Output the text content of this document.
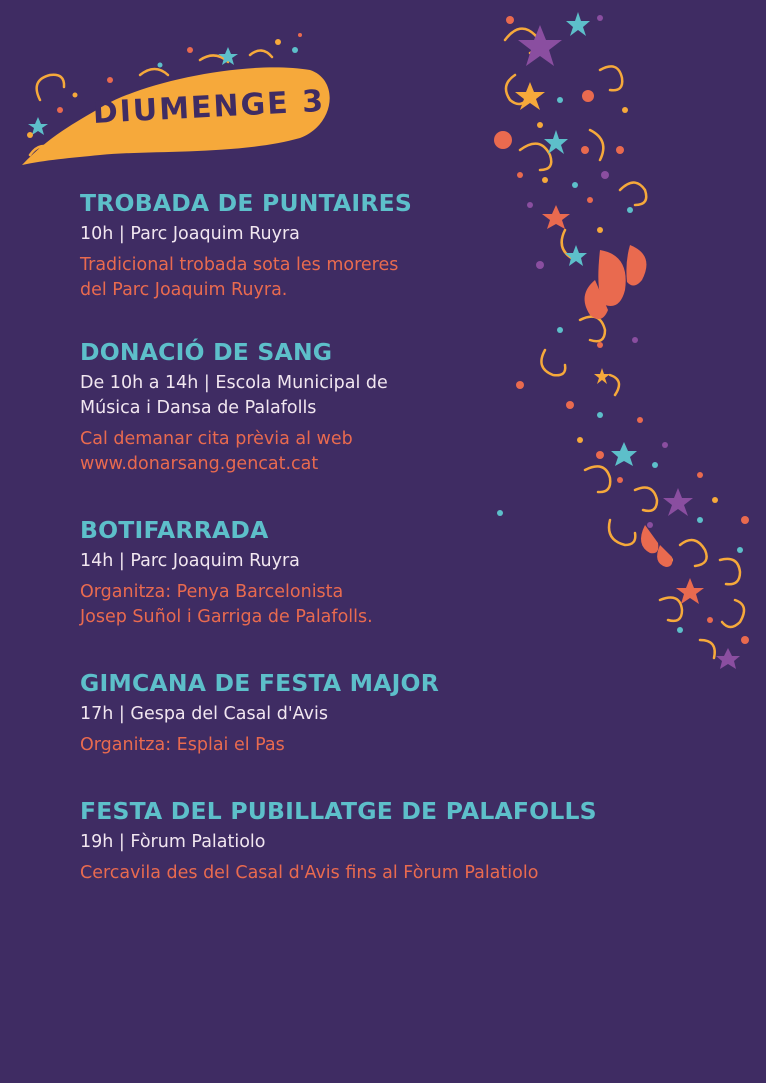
DIUMENGE 3
TROBADA DE PUNTAIRES
10h | Parc Joaquim Ruyra
Tradicional trobada sota les moreres
del Parc Joaquim Ruyra.
DONACIÓ DE SANG
De 10h a 14h | Escola Municipal de
Música i Dansa de Palafolls
Cal demanar cita prèvia al web
www.donarsang.gencat.cat
BOTIFARRADA
14h | Parc Joaquim Ruyra
Organitza: Penya Barcelonista
Josep Suñol i Garriga de Palafolls.
GIMCANA DE FESTA MAJOR
17h | Gespa del Casal d'Avis
Organitza: Esplai el Pas
FESTA DEL PUBILLATGE DE PALAFOLLS
19h | Fòrum Palatiolo
Cercavila des del Casal d'Avis fins al Fòrum Palatiolo
